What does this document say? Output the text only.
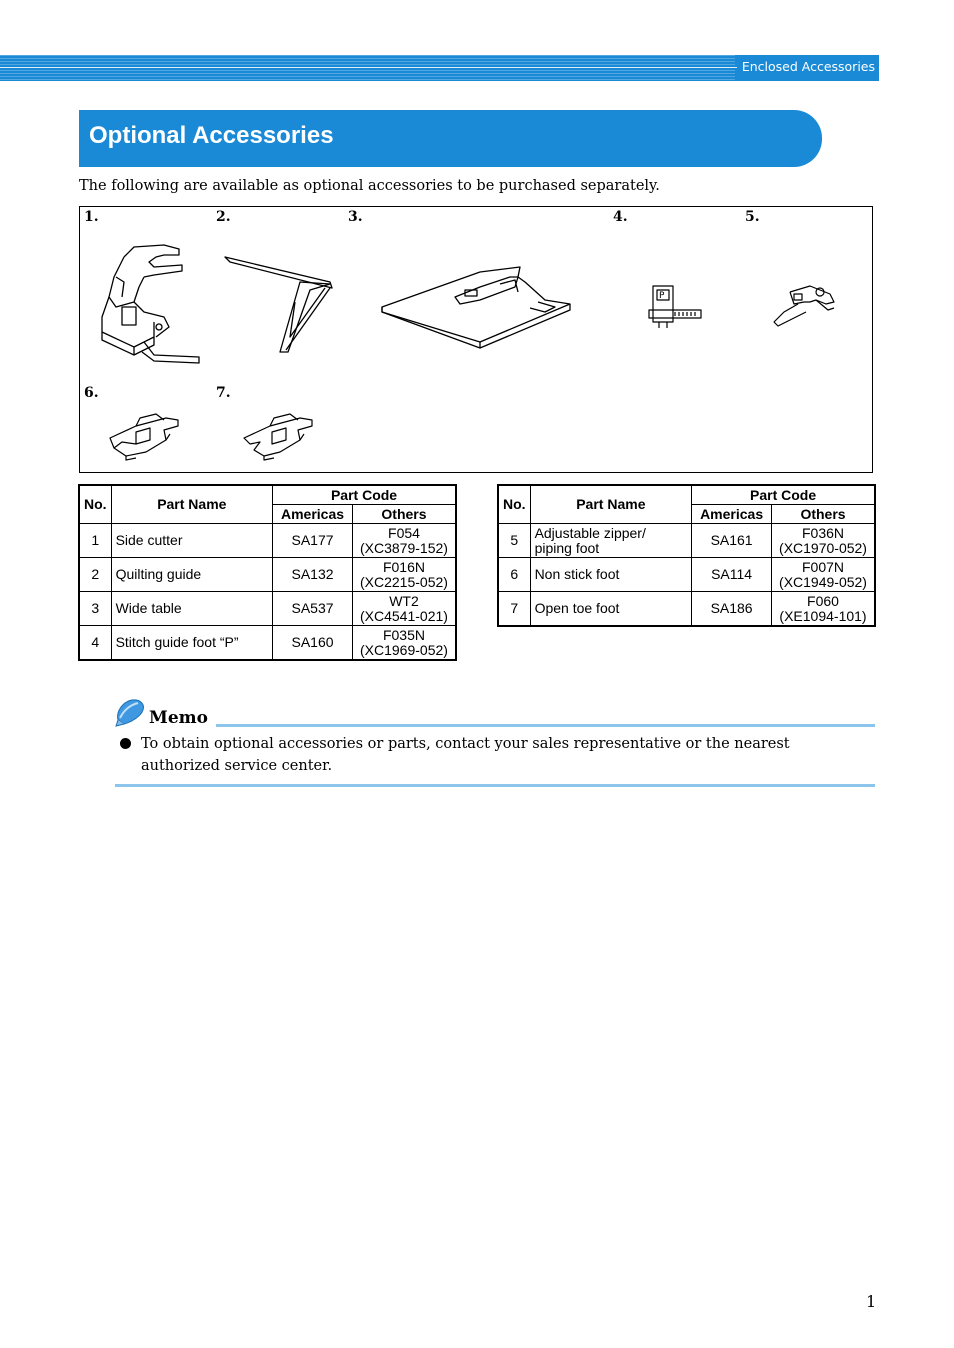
Enclosed Accessories
Optional Accessories
The following are available as optional accessories to be purchased separately.
1.	2.	3.	4.	5.
6.	7.
P
No.	Part Name	Part Code	
		Americas	Others
1	Side cutter	SA177	F054
(XC3879-152)
2	Quilting guide	SA132	F016N
(XC2215-052)
3	Wide table	SA537	WT2
(XC4541-021)
4	Stitch guide foot “P”	SA160	F035N
(XC1969-052)
No.	Part Name	Part Code	
		Americas	Others
5	Adjustable zipper/
piping foot	SA161	F036N
(XC1970-052)
6	Non stick foot	SA114	F007N
(XC1949-052)
7	Open toe foot	SA186	F060
(XE1094-101)
Memo
To obtain optional accessories or parts, contact your sales representative or the nearest authorized service center.
1
